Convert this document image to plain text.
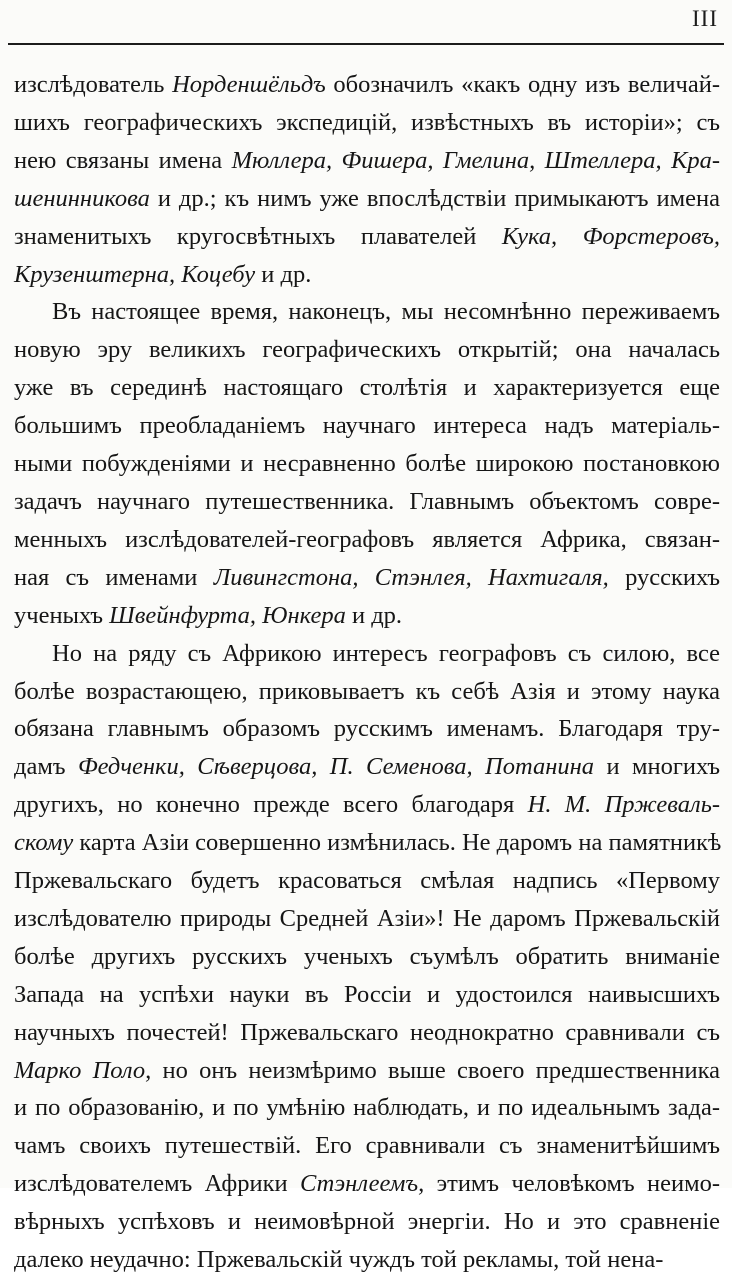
III
изслѣдователь Норденшёльдъ обозначилъ «какъ одну изъ величай-
шихъ географическихъ экспедицій, извѣстныхъ въ исторіи»; съ
нею связаны имена Мюллера, Фишера, Гмелина, Штеллера, Кра-
шенинникова и др.; къ нимъ уже впослѣдствіи примыкаютъ имена
знаменитыхъ кругосвѣтныхъ плавателей Кука, Форстеровъ,
Крузенштерна, Коцебу и др.
Въ настоящее время, наконецъ, мы несомнѣнно переживаемъ
новую эру великихъ географическихъ открытій; она началась
уже въ серединѣ настоящаго столѣтія и характеризуется еще
большимъ преобладаніемъ научнаго интереса надъ матеріаль-
ными побужденіями и несравненно болѣе широкою постановкою
задачъ научнаго путешественника. Главнымъ объектомъ совре-
менныхъ изслѣдователей-географовъ является Африка, связан-
ная съ именами Ливингстона, Стэнлея, Нахтигаля, русскихъ
ученыхъ Швейнфурта, Юнкера и др.
Но на ряду съ Африкою интересъ географовъ съ силою, все
болѣе возрастающею, приковываетъ къ себѣ Азія и этому наука
обязана главнымъ образомъ русскимъ именамъ. Благодаря тру-
дамъ Федченки, Сѣверцова, П. Семенова, Потанина и многихъ
другихъ, но конечно прежде всего благодаря Н. М. Пржеваль-
скому карта Азіи совершенно измѣнилась. Не даромъ на памятникѣ
Пржевальскаго будетъ красоваться смѣлая надпись «Первому
изслѣдователю природы Средней Азіи»! Не даромъ Пржевальскій
болѣе другихъ русскихъ ученыхъ съумѣлъ обратить вниманіе
Запада на успѣхи науки въ Россіи и удостоился наивысшихъ
научныхъ почестей! Пржевальскаго неоднократно сравнивали съ
Марко Поло, но онъ неизмѣримо выше своего предшественника
и по образованію, и по умѣнію наблюдать, и по идеальнымъ зада-
чамъ своихъ путешествій. Его сравнивали съ знаменитѣйшимъ
изслѣдователемъ Африки Стэнлеемъ, этимъ человѣкомъ неимо-
вѣрныхъ успѣховъ и неимовѣрной энергіи. Но и это сравненіе
далеко неудачно: Пржевальскій чуждъ той рекламы, той нена-
